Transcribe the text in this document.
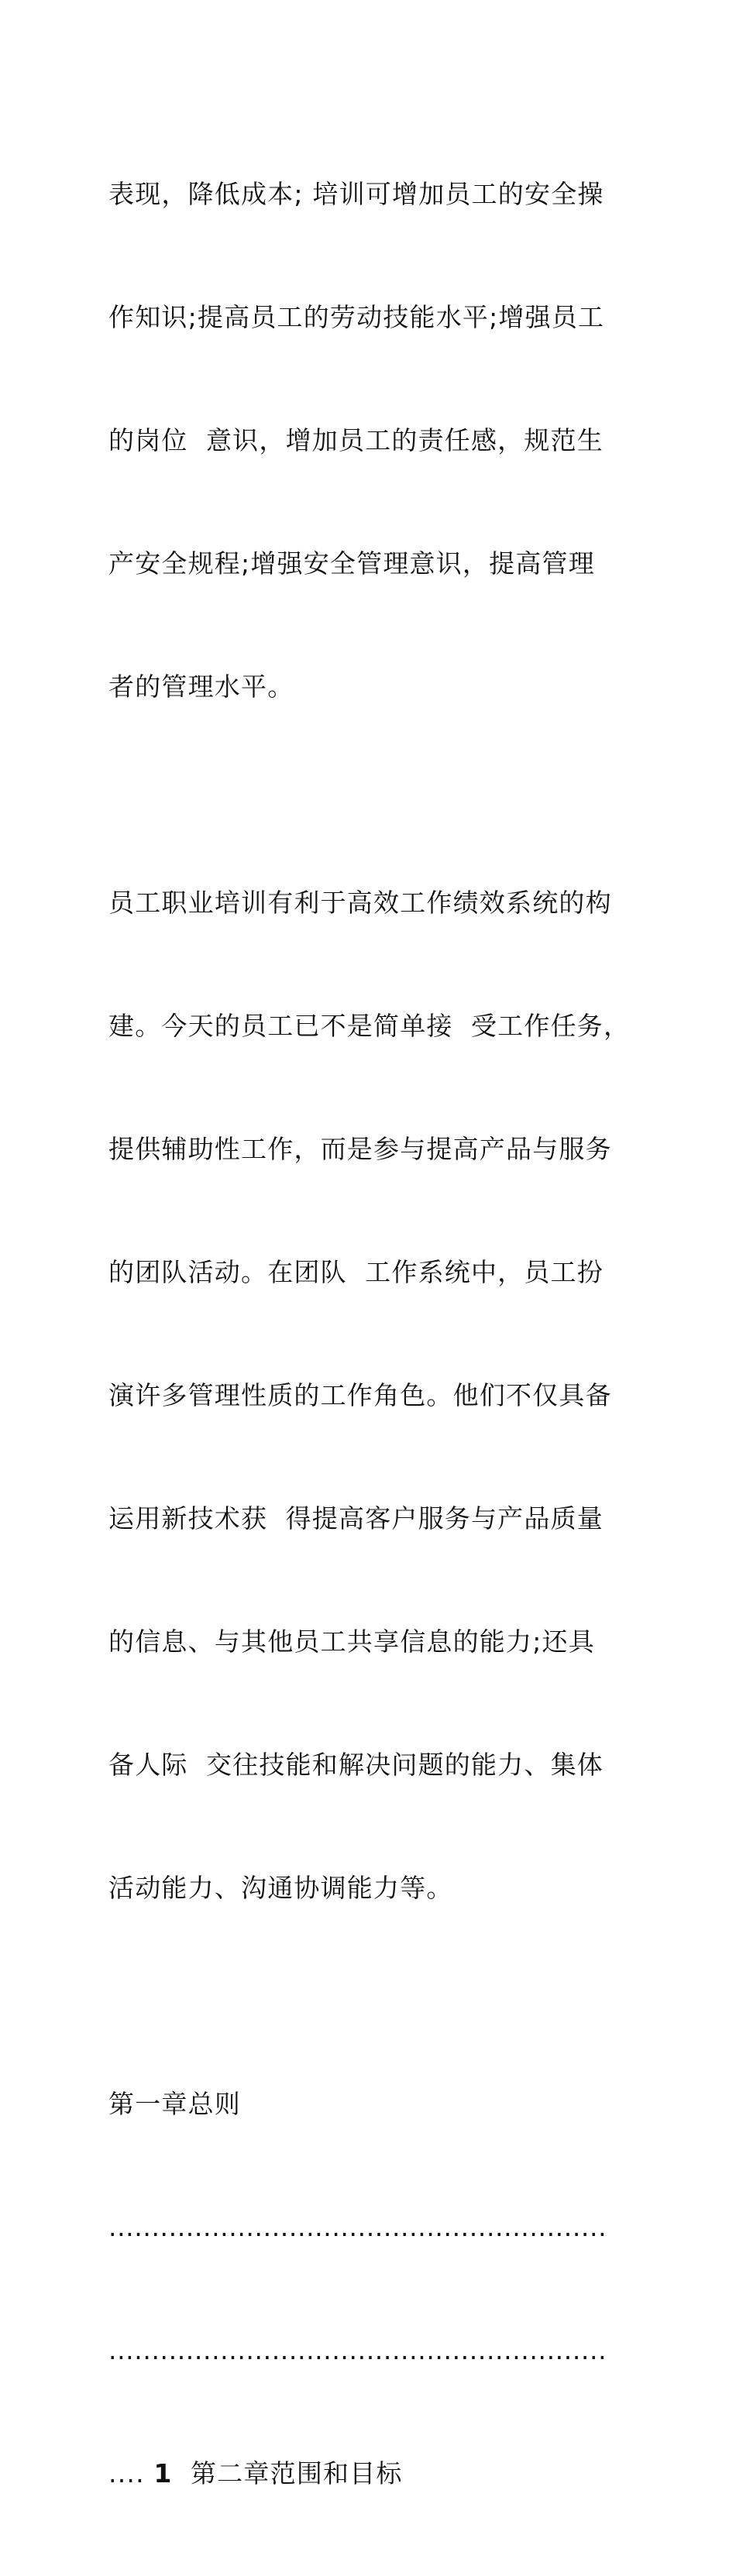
表现，降低成本; 培训可增加员工的安全操

作知识;提高员工的劳动技能水平;增强员工

的岗位  意识，增加员工的责任感，规范生

产安全规程;增强安全管理意识，提高管理

者的管理水平。

员工职业培训有利于高效工作绩效系统的构

建。今天的员工已不是简单接  受工作任务，

提供辅助性工作，而是参与提高产品与服务

的团队活动。在团队  工作系统中，员工扮

演许多管理性质的工作角色。他们不仅具备

运用新技术获  得提高客户服务与产品质量

的信息、与其他员工共享信息的能力;还具

备人际  交往技能和解决问题的能力、集体

活动能力、沟通协调能力等。

第一章总则

..........................................................

..........................................................

.... 1 第二章范围和目标
